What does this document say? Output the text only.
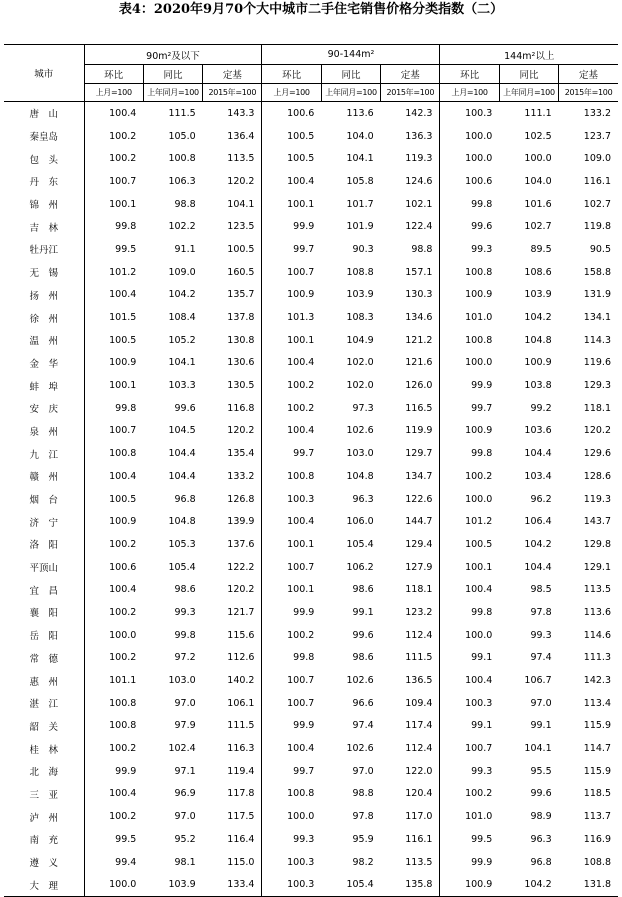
表4：2020年9月70个大中城市二手住宅销售价格分类指数（二）
城市	90m²及以下			90-144m²			144m²以上		
	环比	同比	定基	环比	同比	定基	环比	同比	定基
	上月=100	上年同月=100	2015年=100	上月=100	上年同月=100	2015年=100	上月=100	上年同月=100	2015年=100
唐　山	100.4	111.5	143.3	100.6	113.6	142.3	100.3	111.1	133.2
秦皇岛	100.2	105.0	136.4	100.5	104.0	136.3	100.0	102.5	123.7
包　头	100.2	100.8	113.5	100.5	104.1	119.3	100.0	100.0	109.0
丹　东	100.7	106.3	120.2	100.4	105.8	124.6	100.6	104.0	116.1
锦　州	100.1	98.8	104.1	100.1	101.7	102.1	99.8	101.6	102.7
吉　林	99.8	102.2	123.5	99.9	101.9	122.4	99.6	102.7	119.8
牡丹江	99.5	91.1	100.5	99.7	90.3	98.8	99.3	89.5	90.5
无　锡	101.2	109.0	160.5	100.7	108.8	157.1	100.8	108.6	158.8
扬　州	100.4	104.2	135.7	100.9	103.9	130.3	100.9	103.9	131.9
徐　州	101.5	108.4	137.8	101.3	108.3	134.6	101.0	104.2	134.1
温　州	100.5	105.2	130.8	100.1	104.9	121.2	100.8	104.8	114.3
金　华	100.9	104.1	130.6	100.4	102.0	121.6	100.0	100.9	119.6
蚌　埠	100.1	103.3	130.5	100.2	102.0	126.0	99.9	103.8	129.3
安　庆	99.8	99.6	116.8	100.2	97.3	116.5	99.7	99.2	118.1
泉　州	100.7	104.5	120.2	100.4	102.6	119.9	100.9	103.6	120.2
九　江	100.8	104.4	135.4	99.7	103.0	129.7	99.8	104.4	129.6
赣　州	100.4	104.4	133.2	100.8	104.8	134.7	100.2	103.4	128.6
烟　台	100.5	96.8	126.8	100.3	96.3	122.6	100.0	96.2	119.3
济　宁	100.9	104.8	139.9	100.4	106.0	144.7	101.2	106.4	143.7
洛　阳	100.2	105.3	137.6	100.1	105.4	129.4	100.5	104.2	129.8
平顶山	100.6	105.4	122.2	100.7	106.2	127.9	100.1	104.4	129.1
宜　昌	100.4	98.6	120.2	100.1	98.6	118.1	100.4	98.5	113.5
襄　阳	100.2	99.3	121.7	99.9	99.1	123.2	99.8	97.8	113.6
岳　阳	100.0	99.8	115.6	100.2	99.6	112.4	100.0	99.3	114.6
常　德	100.2	97.2	112.6	99.8	98.6	111.5	99.1	97.4	111.3
惠　州	101.1	103.0	140.2	100.7	102.6	136.5	100.4	106.7	142.3
湛　江	100.8	97.0	106.1	100.7	96.6	109.4	100.3	97.0	113.4
韶　关	100.8	97.9	111.5	99.9	97.4	117.4	99.1	99.1	115.9
桂　林	100.2	102.4	116.3	100.4	102.6	112.4	100.7	104.1	114.7
北　海	99.9	97.1	119.4	99.7	97.0	122.0	99.3	95.5	115.9
三　亚	100.4	96.9	117.8	100.8	98.8	120.4	100.2	99.6	118.5
泸　州	100.2	97.0	117.5	100.0	97.8	117.0	101.0	98.9	113.7
南　充	99.5	95.2	116.4	99.3	95.9	116.1	99.5	96.3	116.9
遵　义	99.4	98.1	115.0	100.3	98.2	113.5	99.9	96.8	108.8
大　理	100.0	103.9	133.4	100.3	105.4	135.8	100.9	104.2	131.8
